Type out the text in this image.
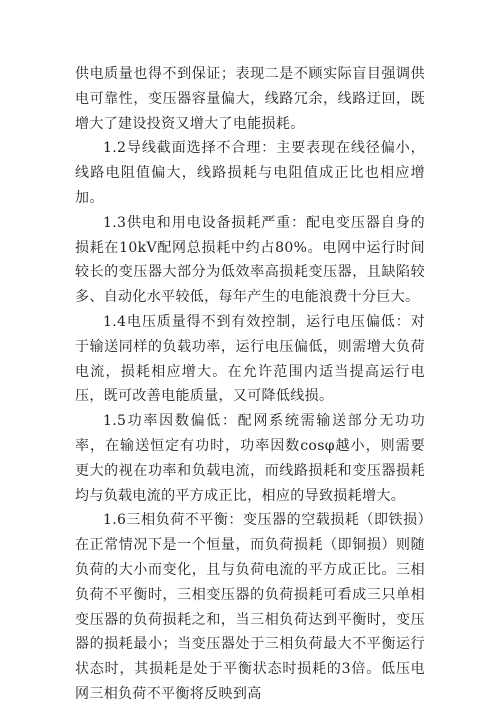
供电质量也得不到保证；表现二是不顾实际盲目强调供电可靠性，变压器容量偏大，线路冗余，线路迂回，既增大了建设投资又增大了电能损耗。

1.2导线截面选择不合理：主要表现在线径偏小，线路电阻值偏大，线路损耗与电阻值成正比也相应增加。

1.3供电和用电设备损耗严重：配电变压器自身的损耗在10kV配网总损耗中约占80%。电网中运行时间较长的变压器大部分为低效率高损耗变压器，且缺陷较多、自动化水平较低，每年产生的电能浪费十分巨大。

1.4电压质量得不到有效控制，运行电压偏低：对于输送同样的负载功率，运行电压偏低，则需增大负荷电流，损耗相应增大。在允许范围内适当提高运行电压，既可改善电能质量，又可降低线损。

1.5功率因数偏低：配网系统需输送部分无功功率，在输送恒定有功时，功率因数cosφ越小，则需要更大的视在功率和负载电流，而线路损耗和变压器损耗均与负载电流的平方成正比，相应的导致损耗增大。

1.6三相负荷不平衡：变压器的空载损耗（即铁损）在正常情况下是一个恒量，而负荷损耗（即铜损）则随负荷的大小而变化，且与负荷电流的平方成正比。三相负荷不平衡时，三相变压器的负荷损耗可看成三只单相变压器的负荷损耗之和，当三相负荷达到平衡时，变压器的损耗最小；当变压器处于三相负荷最大不平衡运行状态时，其损耗是处于平衡状态时损耗的3倍。低压电网三相负荷不平衡将反映到高
